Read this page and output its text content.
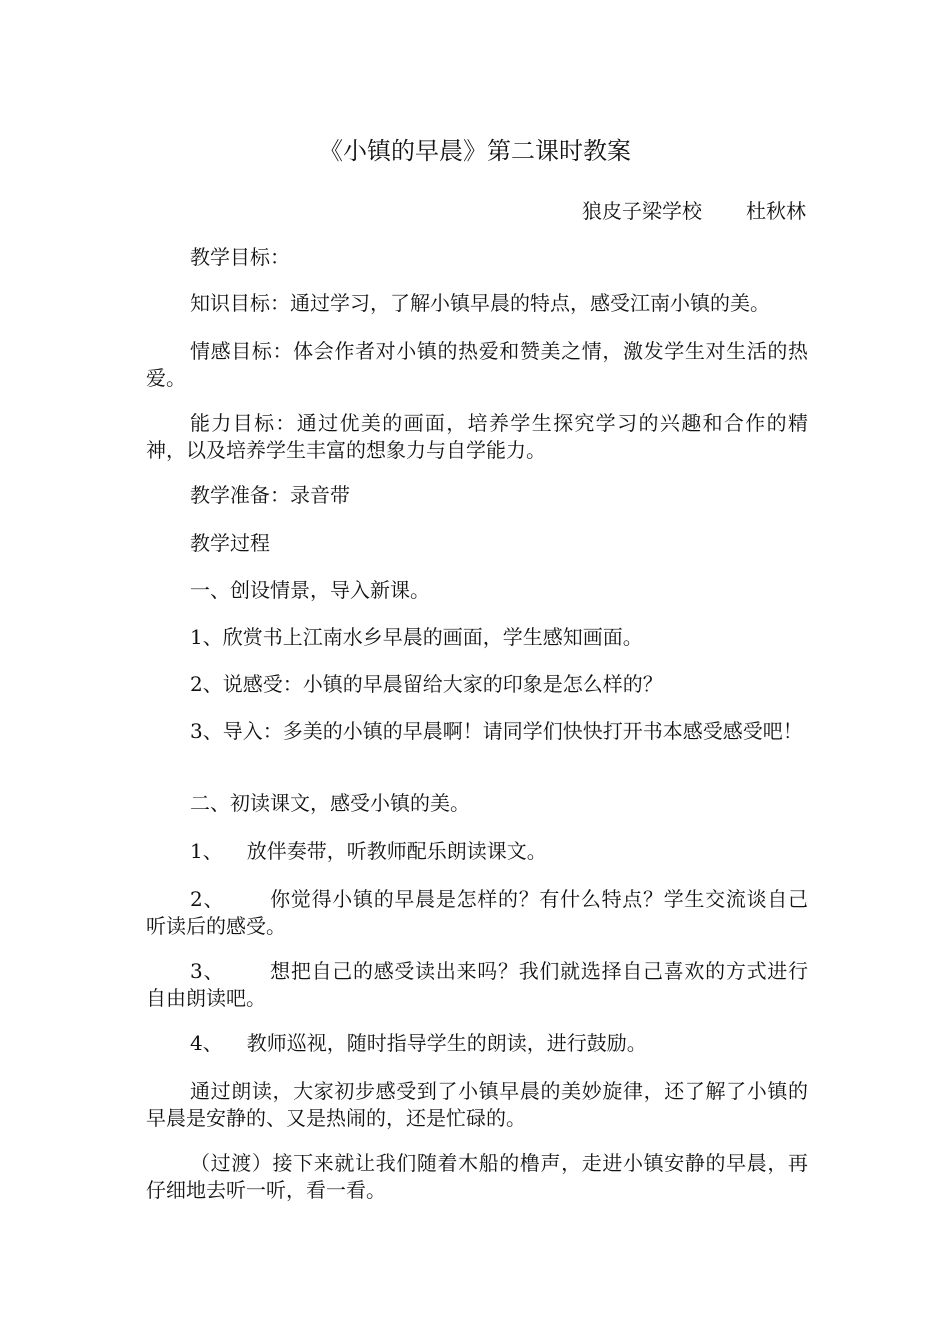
《小镇的早晨》第二课时教案
狼皮子梁学校 杜秋林
教学目标：
知识目标：通过学习，了解小镇早晨的特点，感受江南小镇的美。
情感目标：体会作者对小镇的热爱和赞美之情，激发学生对生活的热爱。
能力目标：通过优美的画面，培养学生探究学习的兴趣和合作的精神，以及培养学生丰富的想象力与自学能力。
教学准备：录音带
教学过程
一、创设情景，导入新课。
1、欣赏书上江南水乡早晨的画面，学生感知画面。
2、说感受：小镇的早晨留给大家的印象是怎么样的？
3、导入：多美的小镇的早晨啊！请同学们快快打开书本感受感受吧！
二、初读课文，感受小镇的美。
1、 放伴奏带，听教师配乐朗读课文。
2、 你觉得小镇的早晨是怎样的？有什么特点？学生交流谈自己听读后的感受。
3、 想把自己的感受读出来吗？我们就选择自己喜欢的方式进行自由朗读吧。
4、 教师巡视，随时指导学生的朗读，进行鼓励。
通过朗读，大家初步感受到了小镇早晨的美妙旋律，还了解了小镇的早晨是安静的、又是热闹的，还是忙碌的。
（过渡）接下来就让我们随着木船的橹声，走进小镇安静的早晨，再仔细地去听一听，看一看。
